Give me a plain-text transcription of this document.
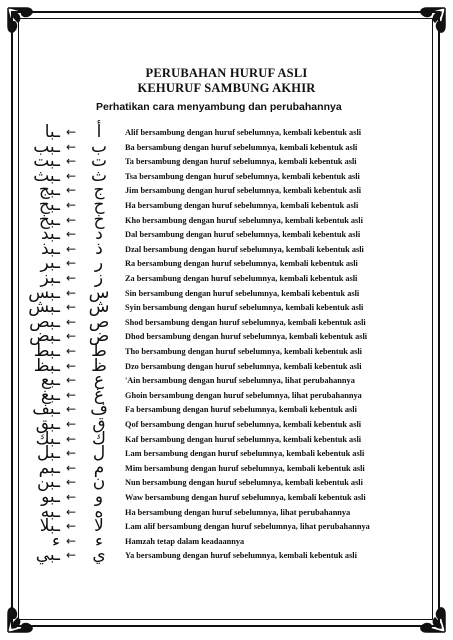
PERUBAHAN HURUF ASLI
KEHURUF SAMBUNG AKHIR
Perhatikan cara menyambung dan perubahannya
ـبا ←	أ	Alif bersambung dengan huruf sebelumnya, kembali kebentuk asli
ـبب ← ب	Ba bersambung dengan huruf sebelumnya, kembali kebentuk asli
ـبت ← ت	Ta bersambung dengan huruf sebelumnya, kembali kebentuk asli
ـبث ← ث	Tsa bersambung dengan huruf sebelumnya, kembali kebentuk asli
ـبج ←	ج	Jim bersambung dengan huruf sebelumnya, kembali kebentuk asli
ـبح ←	ح	Ha bersambung dengan huruf sebelumnya, kembali kebentuk asli
ـبخ ←	خ	Kho bersambung dengan huruf sebelumnya, kembali kebentuk asli
ـبد ←	د	Dal bersambung dengan huruf sebelumnya, kembali kebentuk asli
ـبذ ←	ذ	Dzal bersambung dengan huruf sebelumnya, kembali kebentuk asli
ـبر ←	ر	Ra bersambung dengan huruf sebelumnya, kembali kebentuk asli
ـبز ←	ز	Za bersambung dengan huruf sebelumnya, kembali kebentuk asli
ـبس ← س	Sin bersambung dengan huruf sebelumnya, kembali kebentuk asli
ـبش ← ش	Syin bersambung dengan huruf sebelumnya, kembali kebentuk asli
ـبص ← ص	Shod bersambung dengan huruf sebelumnya, kembali kebentuk asli
ـبض ← ض	Dhod bersambung dengan huruf sebelumnya, kembali kebentuk asli
ـبط ← ط	Tho bersambung dengan huruf sebelumnya, kembali kebentuk asli
ـبظ ← ظ	Dzo bersambung dengan huruf sebelumnya, kembali kebentuk asli
ـبع ←	ع	'Ain bersambung dengan huruf sebelumnya, lihat perubahannya
ـبغ ←	غ	Ghoin bersambung dengan huruf sebelumnya, lihat perubahannya
ـبف ← ف	Fa bersambung dengan huruf sebelumnya, kembali kebentuk asli
ـبق ← ق	Qof bersambung dengan huruf sebelumnya, kembali kebentuk asli
ـبك ← ك	Kaf bersambung dengan huruf sebelumnya, kembali kebentuk asli
ـبل ← ل	Lam bersambung dengan huruf sebelumnya, kembali kebentuk asli
ـبم ←	م	Mim bersambung dengan huruf sebelumnya, kembali kebentuk asli
ـبن ← ن	Nun bersambung dengan huruf sebelumnya, kembali kebentuk asli
ـبو ←	و	Waw bersambung dengan huruf sebelumnya, kembali kebentuk asli
ـبه ←	ه	Ha bersambung dengan huruf sebelumnya, lihat perubahannya
ـبلا ←	لا	Lam alif bersambung dengan huruf sebelumnya, lihat perubahannya
ء ←	ء	Hamzah tetap dalam keadaannya
ـبي ← ي	Ya bersambung dengan huruf sebelumnya, kembali kebentuk asli
